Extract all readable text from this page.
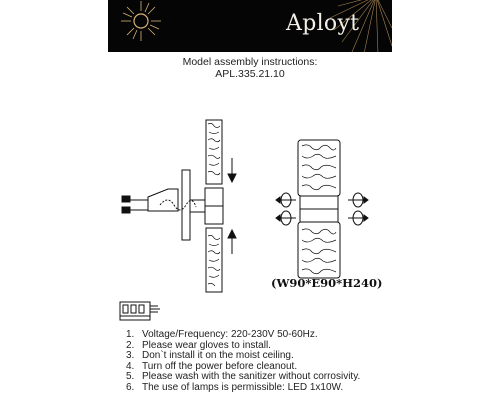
Aployt
Model assembly instructions:
APL.335.21.10
(W90*E90*H240)
1. Voltage/Frequency: 220-230V 50-60Hz.
2. Please wear gloves to install.
3. Don`t install it on the moist ceiling.
4. Turn off the power before cleanout.
5. Please wash with the sanitizer without corrosivity.
6. The use of lamps is permissible: LED 1x10W.
